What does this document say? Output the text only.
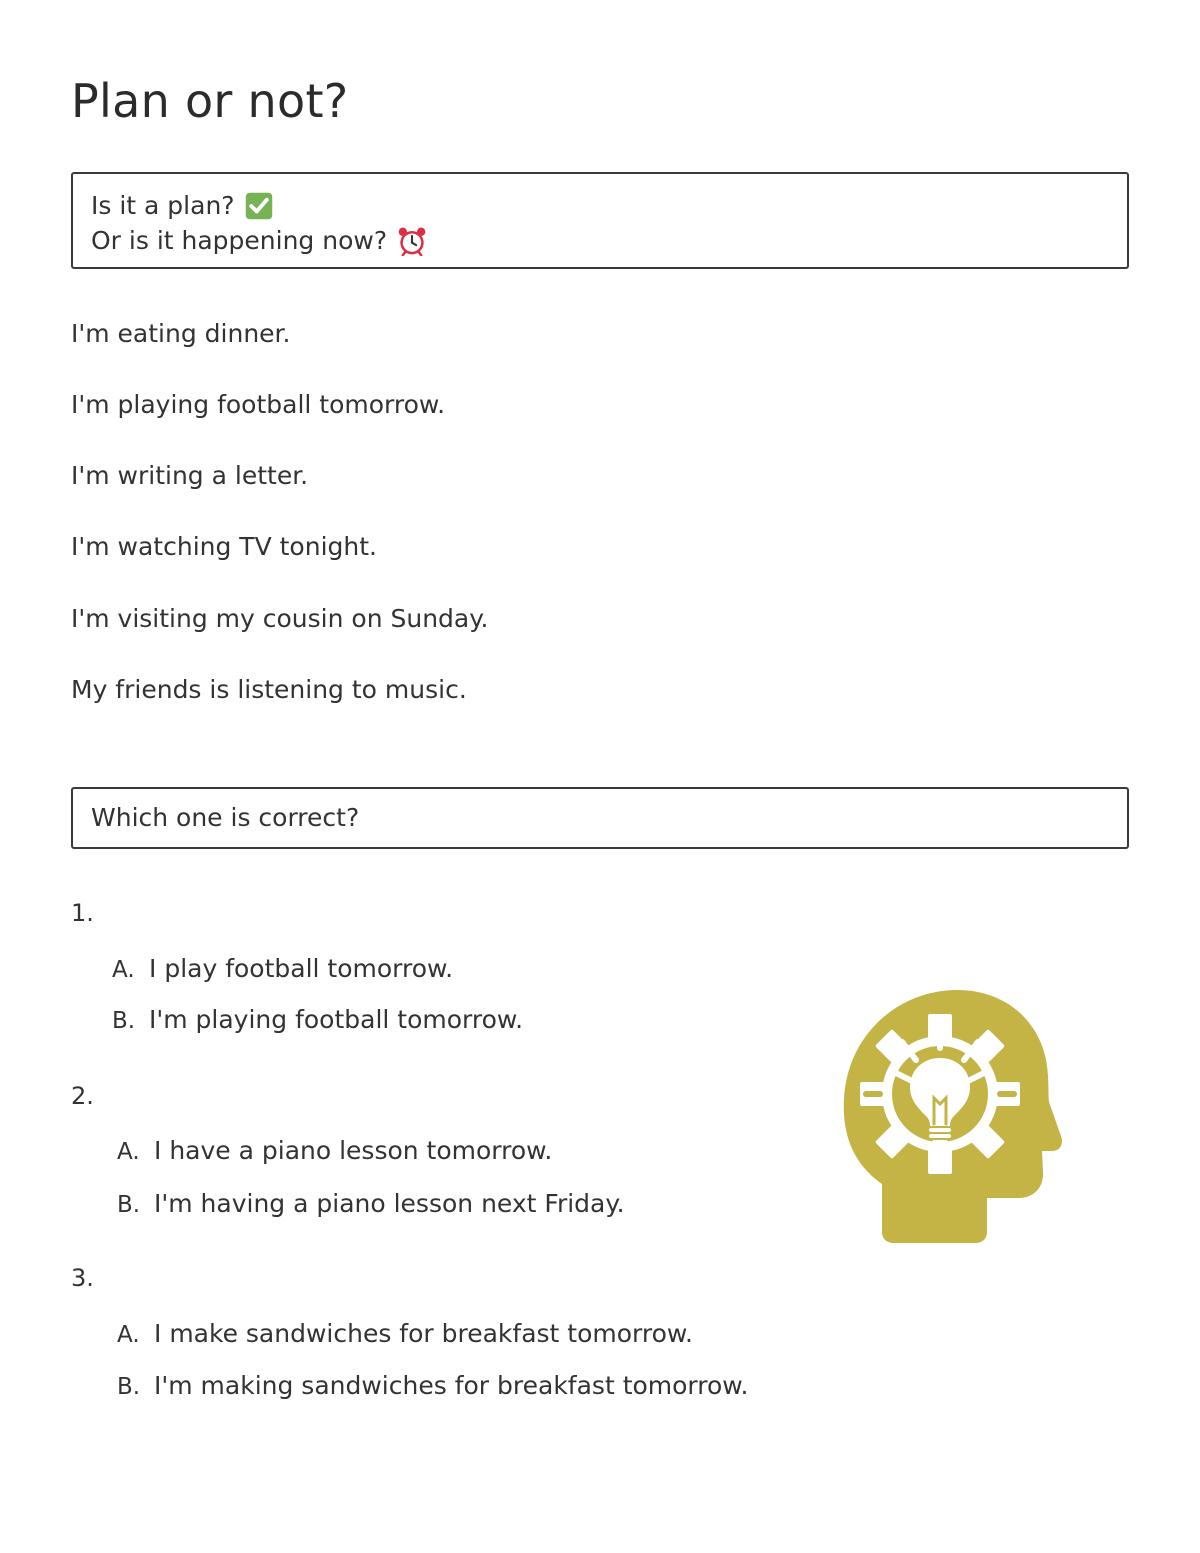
Plan or not?
Is it a plan?
Or is it happening now?

I'm eating dinner.

I'm playing football tomorrow.

I'm writing a letter.

I'm watching TV tonight.

I'm visiting my cousin on Sunday.

My friends is listening to music.

Which one is correct?
1.
A. I play football tomorrow.
B. I'm playing football tomorrow.
2.
A. I have a piano lesson tomorrow.
B. I'm having a piano lesson next Friday.
3.
A. I make sandwiches for breakfast tomorrow.
B. I'm making sandwiches for breakfast tomorrow.
